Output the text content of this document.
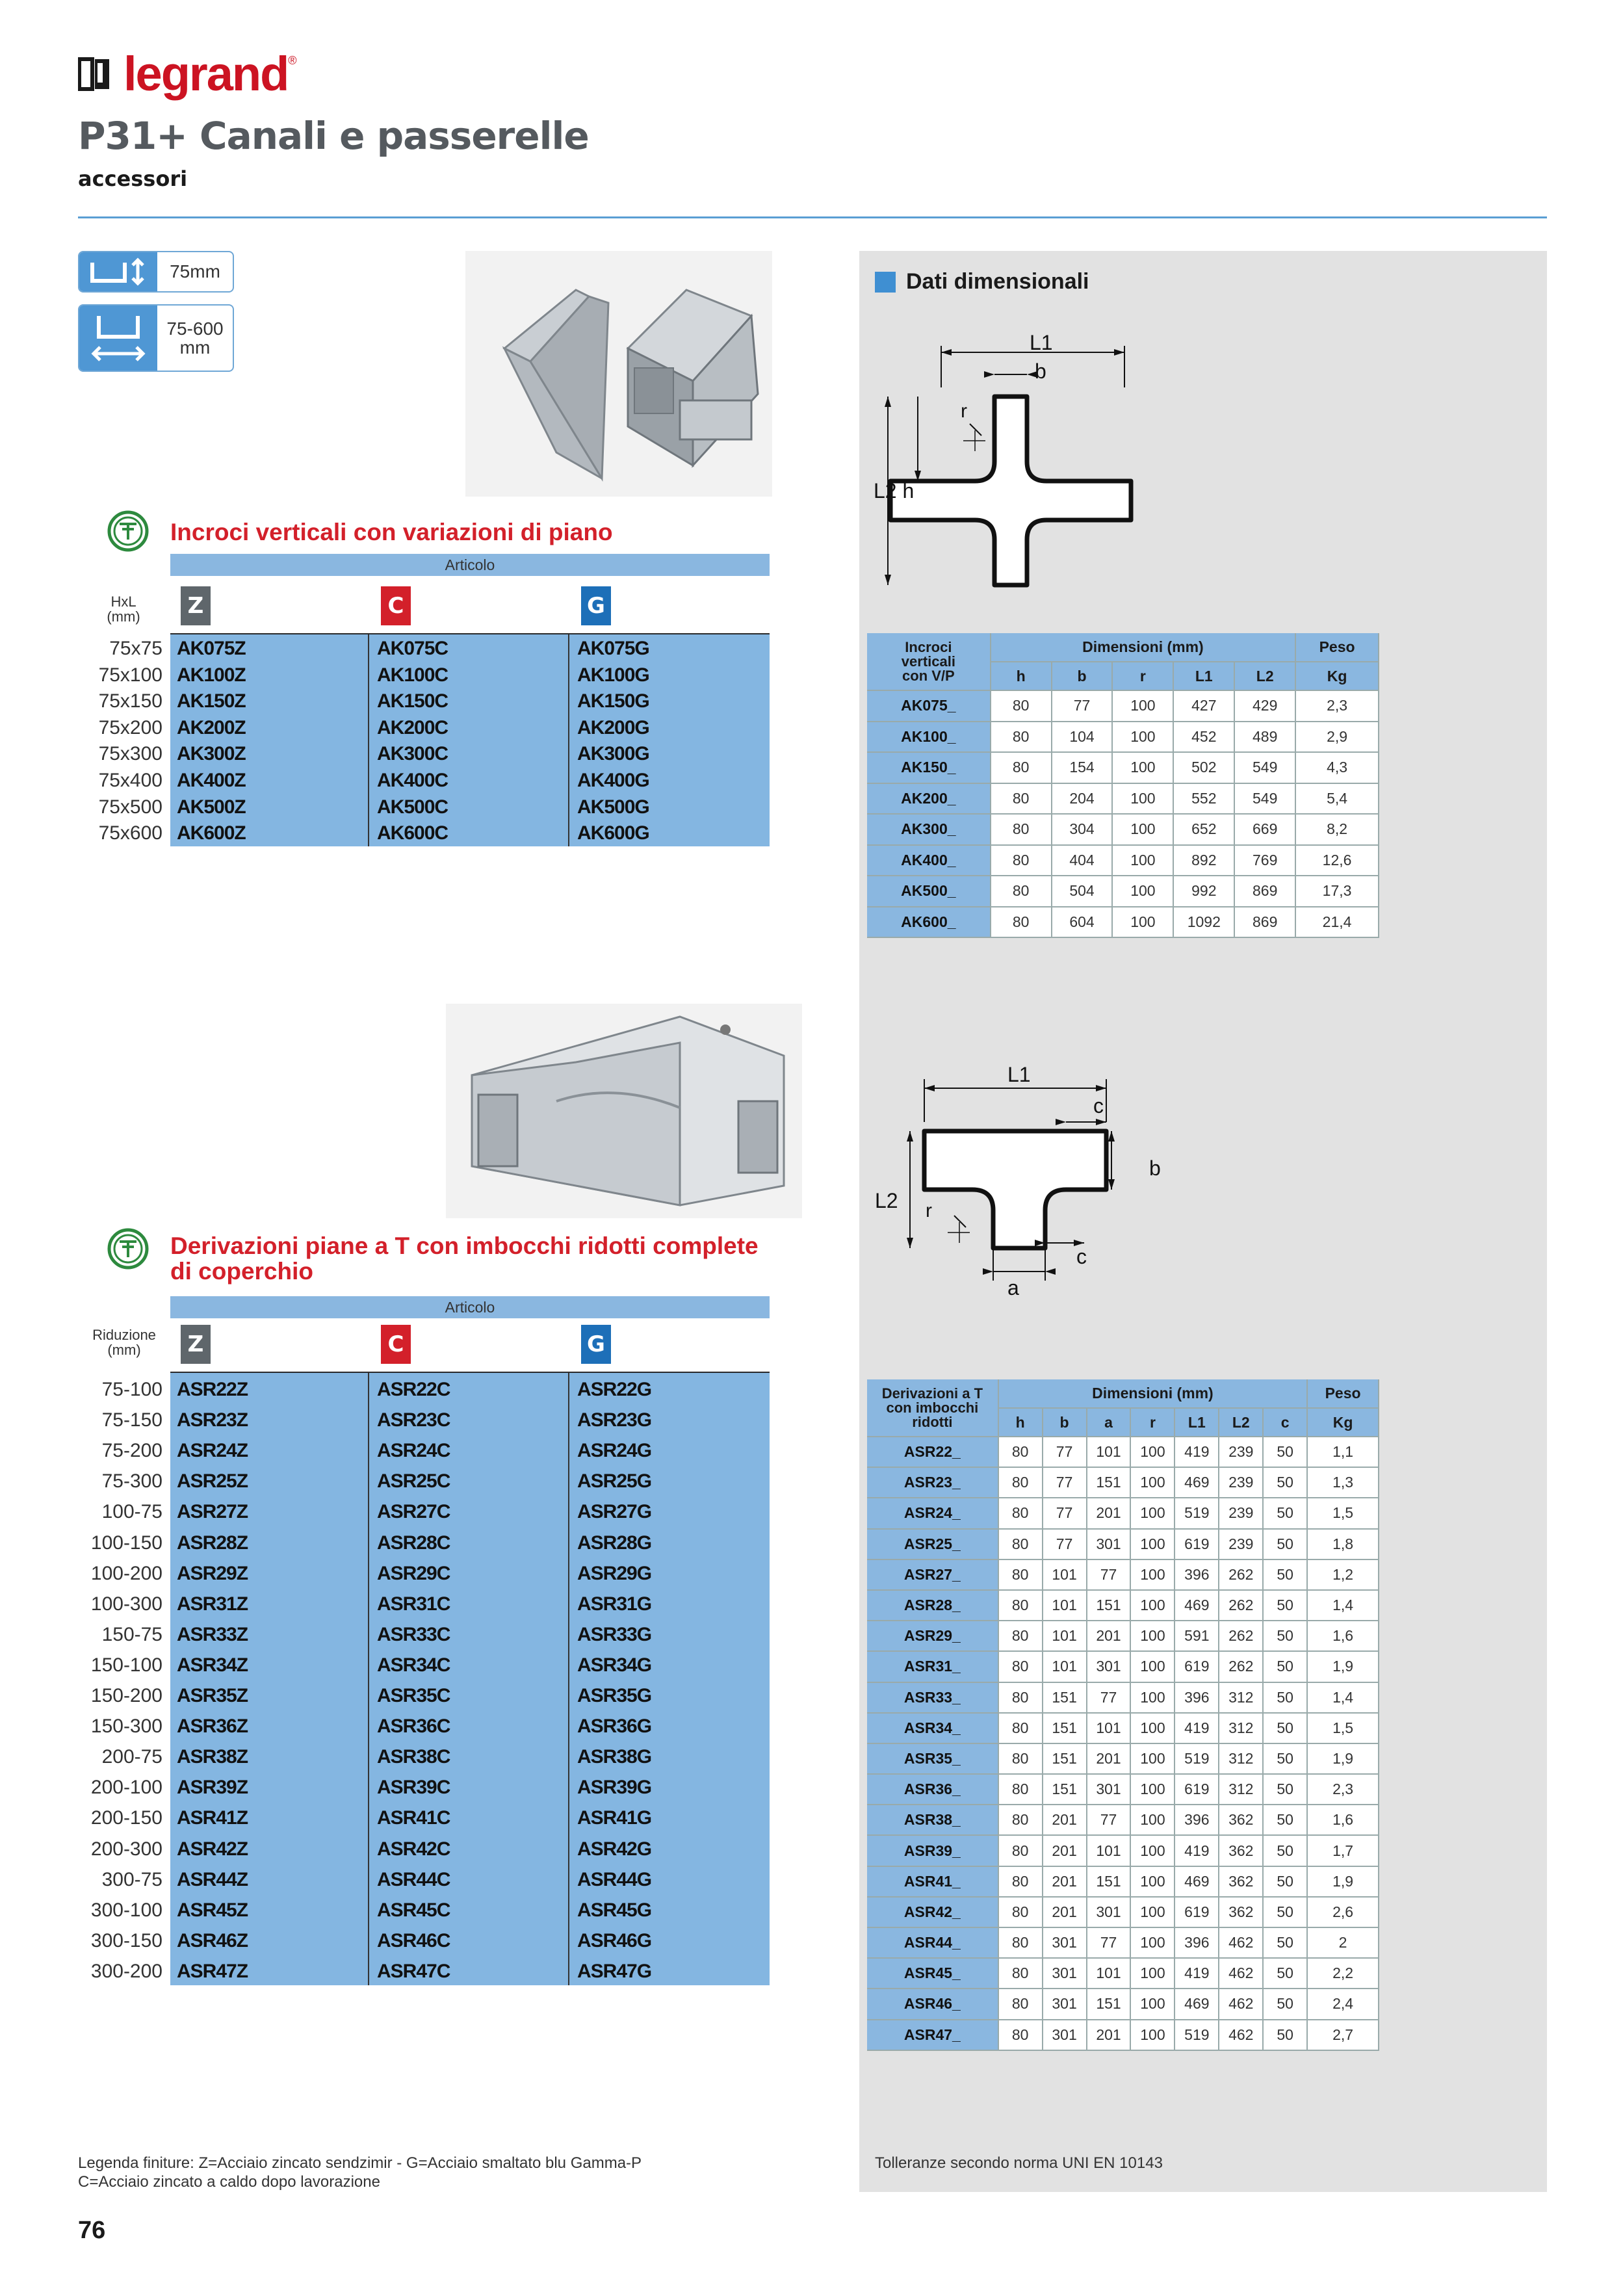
legrand ®
P31+ Canali e passerelle
accessori
75mm
75-600
mm
Incroci verticali con variazioni di piano
Articolo
HxL
(mm)	Z	C	G
75x75 AK075Z	AK075C	AK075G
75x100 AK100Z	AK100C	AK100G
75x150 AK150Z	AK150C	AK150G
75x200 AK200Z	AK200C	AK200G
75x300 AK300Z	AK300C	AK300G
75x400 AK400Z	AK400C	AK400G
75x500 AK500Z	AK500C	AK500G
75x600 AK600Z	AK600C	AK600G
Derivazioni piane a T con imbocchi ridotti complete
di coperchio
Articolo
Riduzione
(mm)	Z	C	G
75-100 ASR22Z	ASR22C	ASR22G
75-150 ASR23Z	ASR23C	ASR23G
75-200 ASR24Z	ASR24C	ASR24G
75-300 ASR25Z	ASR25C	ASR25G
100-75 ASR27Z	ASR27C	ASR27G
100-150 ASR28Z	ASR28C	ASR28G
100-200 ASR29Z	ASR29C	ASR29G
100-300 ASR31Z	ASR31C	ASR31G
150-75 ASR33Z	ASR33C	ASR33G
150-100 ASR34Z	ASR34C	ASR34G
150-200 ASR35Z	ASR35C	ASR35G
150-300 ASR36Z	ASR36C	ASR36G
200-75 ASR38Z	ASR38C	ASR38G
200-100 ASR39Z	ASR39C	ASR39G
200-150 ASR41Z	ASR41C	ASR41G
200-300 ASR42Z	ASR42C	ASR42G
300-75 ASR44Z	ASR44C	ASR44G
300-100 ASR45Z	ASR45C	ASR45G
300-150 ASR46Z	ASR46C	ASR46G
300-200 ASR47Z	ASR47C	ASR47G
Dati dimensionali
L1
b
r
L2 h
Incroci
verticali
con V/P	Dimensioni (mm)					Peso
	h	b	r	L1	L2	Kg
AK075_	80	77	100	427	429	2,3
AK100_	80	104	100	452	489	2,9
AK150_	80	154	100	502	549	4,3
AK200_	80	204	100	552	549	5,4
AK300_	80	304	100	652	669	8,2
AK400_	80	404	100	892	769	12,6
AK500_	80	504	100	992	869	17,3
AK600_	80	604	100	1092	869	21,4
L1
c
b
L2 r
c
a
Derivazioni a T
con imbocchi
ridotti	Dimensioni (mm)							Peso
	h	b	a	r	L1	L2	c	Kg
ASR22_	80	77	101	100	419	239	50	1,1
ASR23_	80	77	151	100	469	239	50	1,3
ASR24_	80	77	201	100	519	239	50	1,5
ASR25_	80	77	301	100	619	239	50	1,8
ASR27_	80	101	77	100	396	262	50	1,2
ASR28_	80	101	151	100	469	262	50	1,4
ASR29_	80	101	201	100	591	262	50	1,6
ASR31_	80	101	301	100	619	262	50	1,9
ASR33_	80	151	77	100	396	312	50	1,4
ASR34_	80	151	101	100	419	312	50	1,5
ASR35_	80	151	201	100	519	312	50	1,9
ASR36_	80	151	301	100	619	312	50	2,3
ASR38_	80	201	77	100	396	362	50	1,6
ASR39_	80	201	101	100	419	362	50	1,7
ASR41_	80	201	151	100	469	362	50	1,9
ASR42_	80	201	301	100	619	362	50	2,6
ASR44_	80	301	77	100	396	462	50	2
ASR45_	80	301	101	100	419	462	50	2,2
ASR46_	80	301	151	100	469	462	50	2,4
ASR47_	80	301	201	100	519	462	50	2,7
Legenda finiture: Z=Acciaio zincato sendzimir - G=Acciaio smaltato blu Gamma-P
C=Acciaio zincato a caldo dopo lavorazione
Tolleranze secondo norma UNI EN 10143
76
